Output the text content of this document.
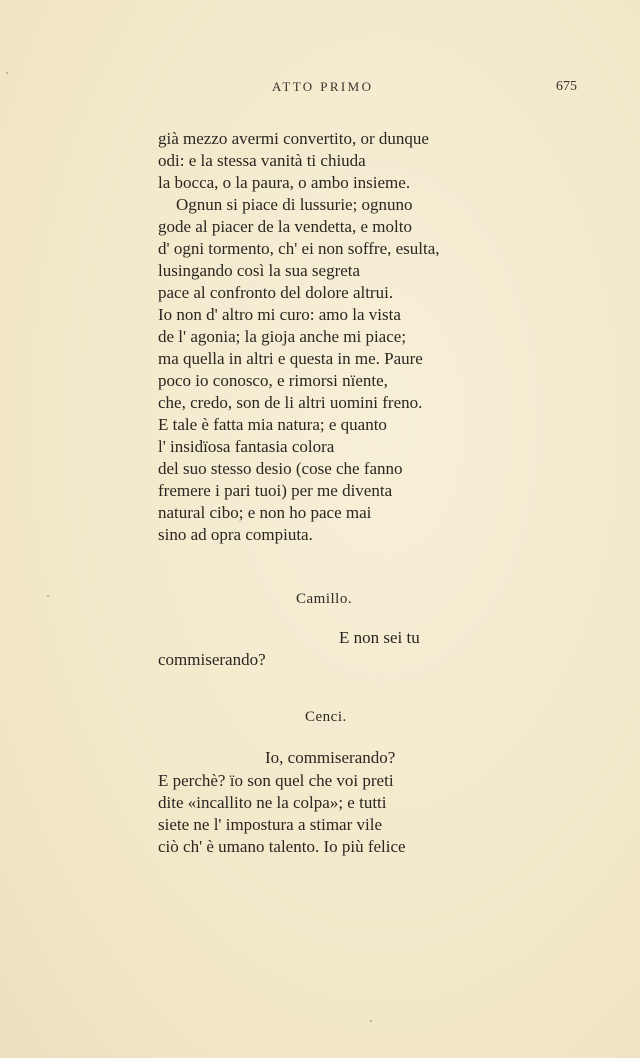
ATTO PRIMO	675
già mezzo avermi convertito, or dunque
odi: e la stessa vanità ti chiuda
la bocca, o la paura, o ambo insieme.
Ognun si piace di lussurie; ognuno
gode al piacer de la vendetta, e molto
d' ogni tormento, ch' ei non soffre, esulta,
lusingando così la sua segreta
pace al confronto del dolore altrui.
Io non d' altro mi curo: amo la vista
de l' agonia; la gioja anche mi piace;
ma quella in altri e questa in me. Paure
poco io conosco, e rimorsi nïente,
che, credo, son de li altri uomini freno.
E tale è fatta mia natura; e quanto
l' insidïosa fantasia colora
del suo stesso desio (cose che fanno
fremere i pari tuoi) per me diventa
natural cibo; e non ho pace mai
sino ad opra compiuta.
Camillo.
E non sei tu
commiserando?
Cenci.
Io, commiserando?
E perchè? ïo son quel che voi preti
dite «incallito ne la colpa»; e tutti
siete ne l' impostura a stimar vile
ciò ch' è umano talento. Io più felice
